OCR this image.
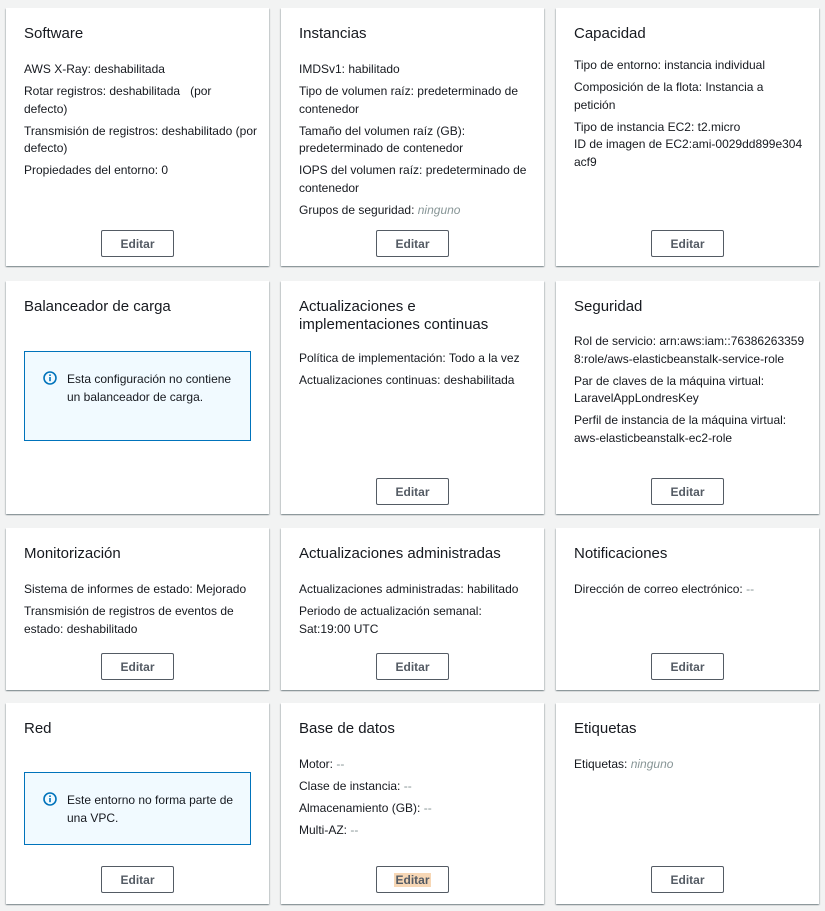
Software
AWS X-Ray: deshabilitada
Rotar registros: deshabilitada   (por defecto)
Transmisión de registros: deshabilitado (por defecto)
Propiedades del entorno: 0
Editar
Instancias
IMDSv1: habilitado
Tipo de volumen raíz: predeterminado de contenedor
Tamaño del volumen raíz (GB): predeterminado de contenedor
IOPS del volumen raíz: predeterminado de contenedor
Grupos de seguridad: ninguno
Editar
Capacidad
Tipo de entorno: instancia individual
Composición de la flota: Instancia a petición
Tipo de instancia EC2: t2.micro
ID de imagen de EC2:ami-0029dd899e304acf9
Editar
Balanceador de carga
Esta configuración no contiene un balanceador de carga.
Actualizaciones e implementaciones continuas
Política de implementación: Todo a la vez
Actualizaciones continuas: deshabilitada
Editar
Seguridad
Rol de servicio: arn:aws:iam::763862633598:role/aws-elasticbeanstalk-service-role
Par de claves de la máquina virtual: LaravelAppLondresKey
Perfil de instancia de la máquina virtual: aws-elasticbeanstalk-ec2-role
Editar
Monitorización
Sistema de informes de estado: Mejorado
Transmisión de registros de eventos de estado: deshabilitado
Editar
Actualizaciones administradas
Actualizaciones administradas: habilitado
Periodo de actualización semanal: Sat:19:00 UTC
Editar
Notificaciones
Dirección de correo electrónico: --
Editar
Red
Este entorno no forma parte de una VPC.
Editar
Base de datos
Motor: --
Clase de instancia: --
Almacenamiento (GB): --
Multi-AZ: --
Editar
Etiquetas
Etiquetas: ninguno
Editar
